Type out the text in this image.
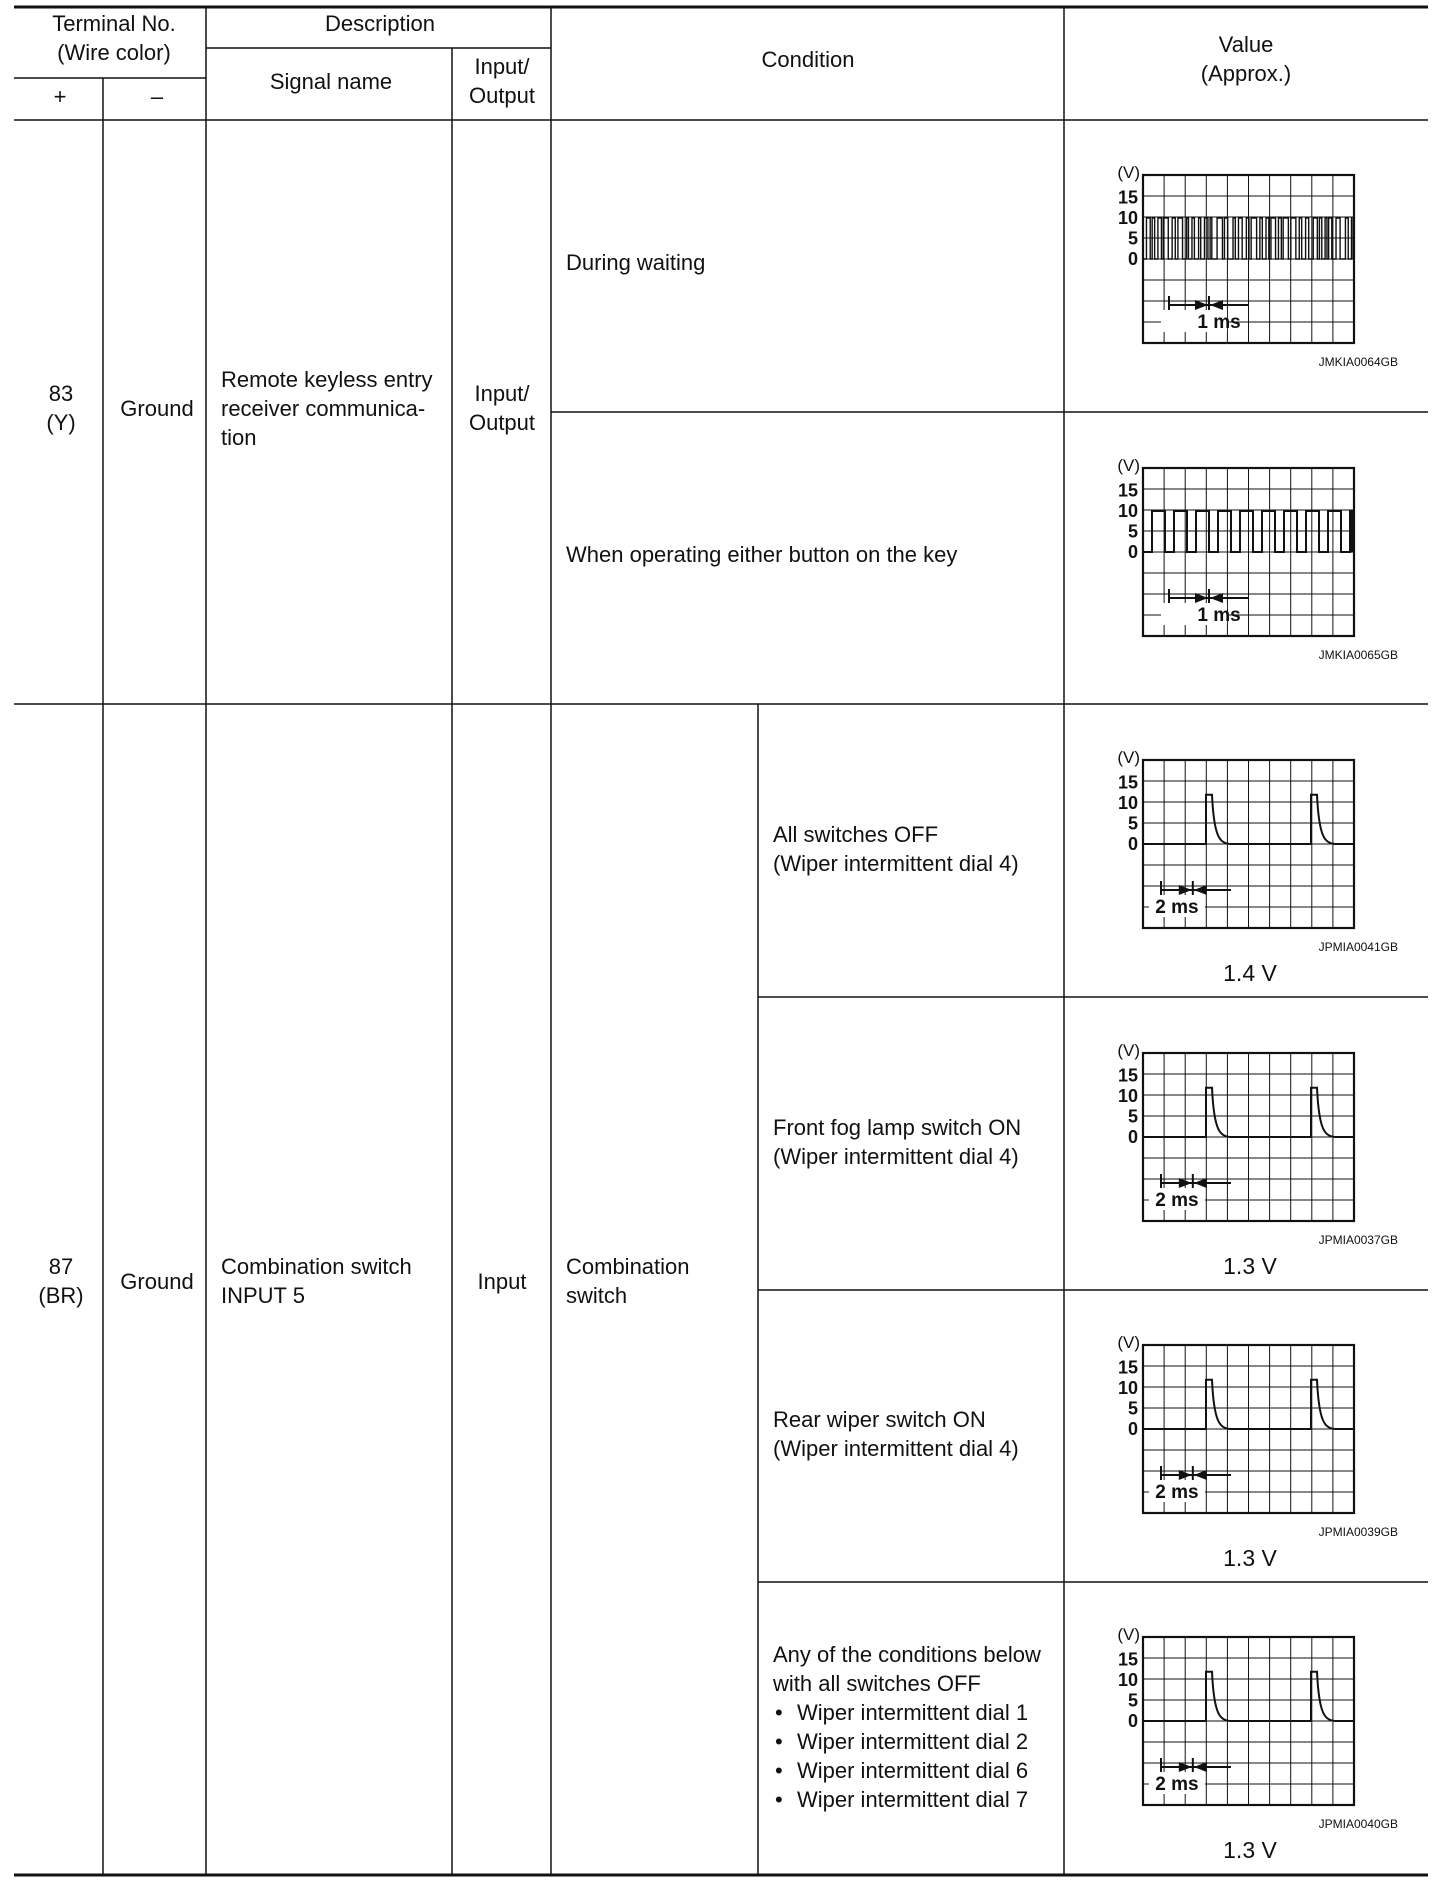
Terminal No.
(Wire color)
+	–
Description
Signal name
Input/
Output
Condition
Value
(Approx.)
83
(Y)
Ground
Remote keyless entry
receiver communica-
tion
Input/
Output
During waiting
When operating either button on the key
87
(BR)
Ground
Combination switch
INPUT 5
Input
Combination
switch
All switches OFF
(Wiper intermittent dial 4)
Front fog lamp switch ON
(Wiper intermittent dial 4)
Rear wiper switch ON
(Wiper intermittent dial 4)
Any of the conditions below
with all switches OFF
• Wiper intermittent dial 1
• Wiper intermittent dial 2
• Wiper intermittent dial 6
• Wiper intermittent dial 7
1.4 V
1.3 V
1.3 V
1.3 V
(V)
15
10
5
0
1 ms
JMKIA0064GB
(V)
15
10
5
0
1 ms
JMKIA0065GB
(V)
15
10
5
0
2 ms
JPMIA0041GB
(V)
15
10
5
0
2 ms
JPMIA0037GB
(V)
15
10
5
0
2 ms
JPMIA0039GB
(V)
15
10
5
0
2 ms
JPMIA0040GB
